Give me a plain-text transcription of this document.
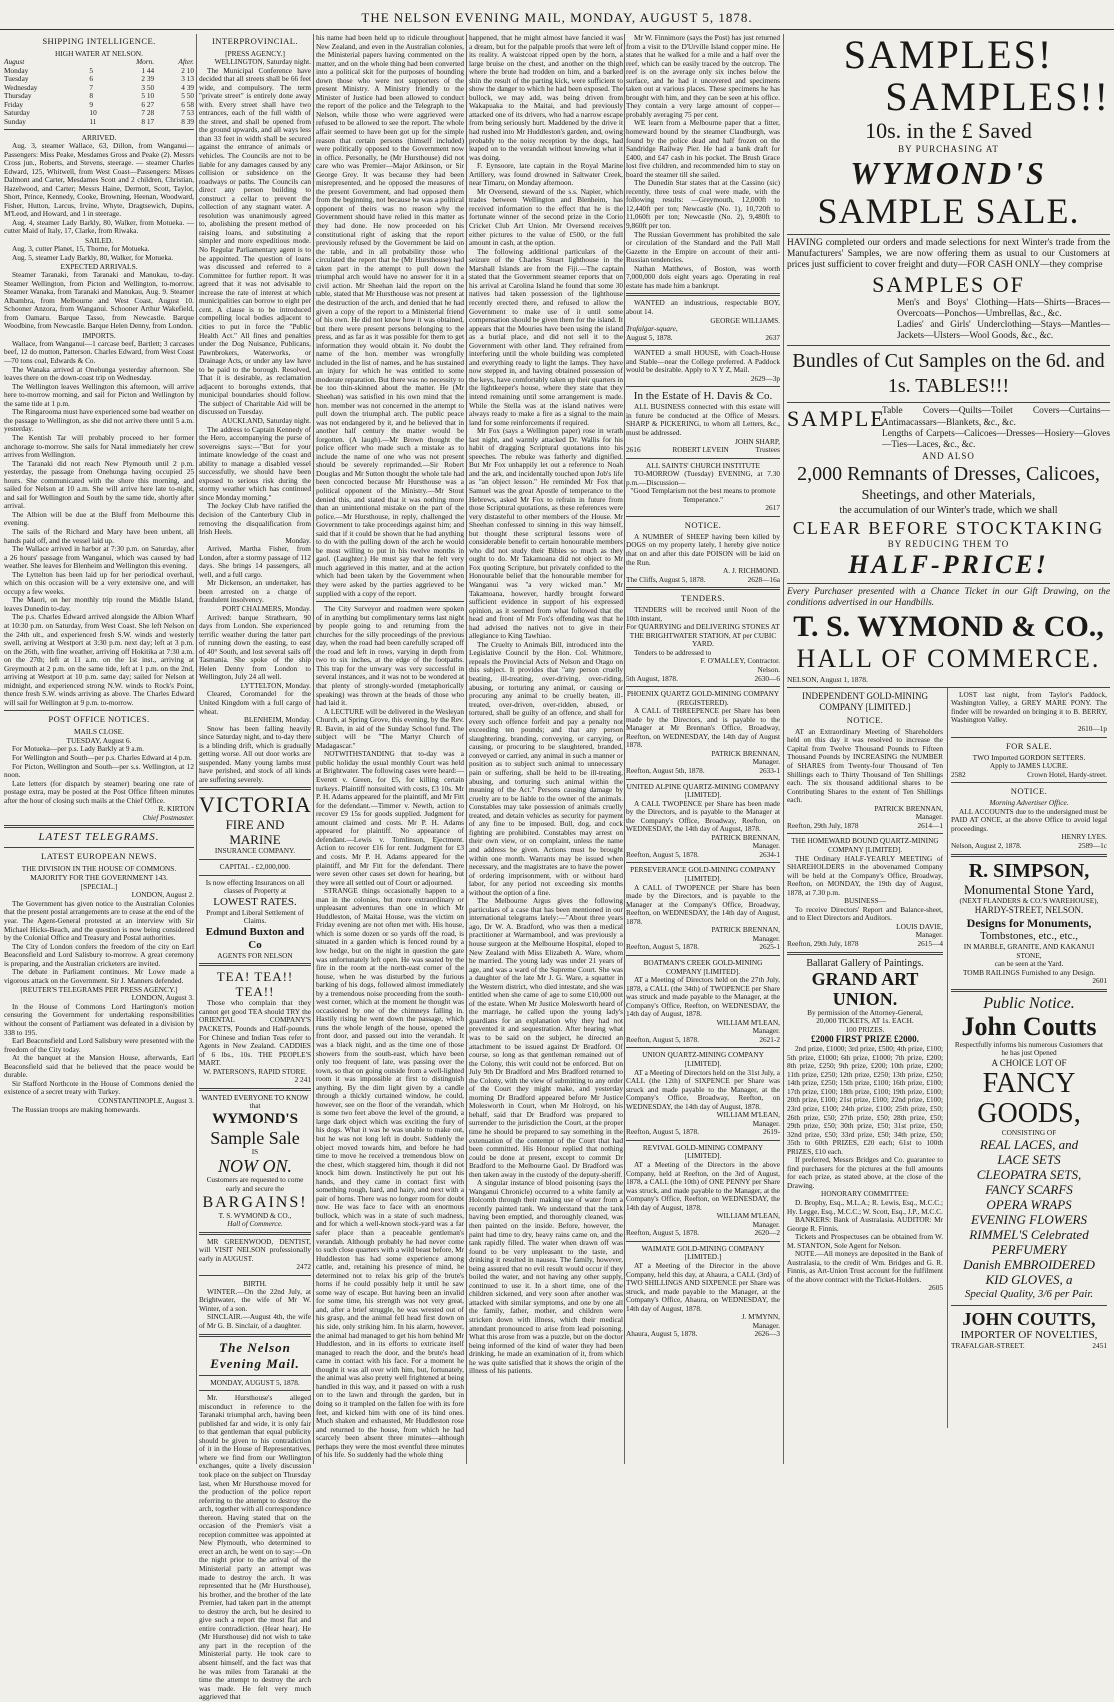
THE NELSON EVENING MAIL, MONDAY, AUGUST 5, 1878.
SHIPPING INTELLIGENCE.
HIGH WATER AT NELSON.
August		Morn.	After.
Monday	5	1 44	2 10
Tuesday	6	2 39	3 13
Wednesday	7	3 50	4 39
Thursday	8	5 10	5 50
Friday	9	6 27	6 58
Saturday	10	7 28	7 53
Sunday	11	8 17	8 39
ARRIVED.
Aug. 3, steamer Wallace, 63, Dillon, from Wanganui—Passengers: Miss Peake, Mesdames Gross and Peake (2). Messrs Cross jun., Roberts, and Stevens, steerage. — steamer Charles Edward, 125, Whitwell, from West Coast—Passengers: Misses Dalmont and Carter, Mesdames Scott and 2 children, Christian, Hazelwood, and Carter; Messrs Haine, Dermott, Scott, Taylor, Short, Prince, Kennedy, Cooke, Browning, Heenan, Woodward, Fisher, Hutton, Larcus, Irvine, Whyte, Dragtsewich, Dupins, M'Leod, and Howard, and 1 in steerage.
Aug. 4, steamer Lady Barkly, 80, Walker, from Motueka. — cutter Maid of Italy, 17, Clarke, from Riwaka.
SAILED.
Aug. 3, cutter Planet, 15, Thorne, for Motueka.
Aug. 5, steamer Lady Barkly, 80, Walker, for Motueka.
EXPECTED ARRIVALS.
Steamer Taranaki, from Taranaki and Manukau, to-day. Steamer Wellington, from Picton and Wellington, to-morrow. Steamer Wanaka, from Taranaki and Manukau, Aug. 9. Steamer Albambra, from Melbourne and West Coast, August 10. Schooner Anzora, from Wanganui. Schooner Arthur Wakefield, from Oamaru. Barque Tasso, from Newcastle. Barque Woodbine, from Newcastle. Barque Helen Denny, from London.
IMPORTS.
Wallace, from Wanganui—1 carcase beef, Bartlett; 3 carcases beef, 12 do mutton, Patterson. Charles Edward, from West Coast—70 tons coal, Edwards & Co.
The Wanaka arrived at Onehunga yesterday afternoon. She leaves there on the down-coast trip on Wednesday.
The Wellington leaves Wellington this afternoon, will arrive here to-morrow morning, and sail for Picton and Wellington by the same tide at 1 p.m.
The Ringarooma must have experienced some bad weather on the passage to Wellington, as she did not arrive there until 5 a.m. yesterday.
The Kentish Tar will probably proceed to her former anchorage to-morrow. She sails for Natal immediately her crew arrives from Wellington.
The Taranaki did not reach New Plymouth until 2 p.m. yesterday, the passage from Onehunga having occupied 25 hours. She communicated with the shore this morning, and sailed for Nelson at 10 a.m. She will arrive here late to-night, and sail for Wellington and South by the same tide, shortly after arrival.
The Albion will be due at the Bluff from Melbourne this evening.
The sails of the Richard and Mary have been unbent, all hands paid off, and the vessel laid up.
The Wallace arrived in harbor at 7:30 p.m. on Saturday, after a 26 hours' passage from Wanganui, which was caused by bad weather. She leaves for Blenheim and Wellington this evening.
The Lyttelton has been laid up for her periodical overhaul, which on this occasion will be a very extensive one, and will occupy a few weeks.
The Maori, on her monthly trip round the Middle Island, leaves Dunedin to-day.
The p.s. Charles Edward arrived alongside the Albion Wharf at 10:30 p.m. on Saturday, from West Coast. She left Nelson on the 24th ult., and experienced fresh S.W. winds and westerly swell, arriving at Westport at 3:30 p.m. next day; left at 3 p.m. on the 26th, with fine weather, arriving off Hokitika at 7:30 a.m. on the 27th; left at 11 a.m. on the 1st inst., arriving at Greymouth at 2 p.m. on the same tide, left at 1 p.m. on the 2nd, arriving at Westport at 10 p.m. same day; sailed for Nelson at midnight, and experienced strong N.W. winds to Rock's Point, thence fresh S.W. winds arriving as above. The Charles Edward will sail for Wellington at 9 p.m. to-morrow.
POST OFFICE NOTICES.
MAILS CLOSE.
TUESDAY, August 6.
For Motueka—per p.s. Lady Barkly at 9 a.m.
For Wellington and South—per p.s. Charles Edward at 4 p.m.
For Picton, Wellington and South—per s.s. Wellington, at 12 noon.
Late letters (for dispatch by steamer) bearing one rate of postage extra, may be posted at the Post Office fifteen minutes after the hour of closing such mails at the Chief Office.
R. KIRTON
Chief Postmaster.
LATEST TELEGRAMS.
LATEST EUROPEAN NEWS.
THE DIVISION IN THE HOUSE OF COMMONS.
MAJORITY FOR THE GOVERNMENT 143.
[SPECIAL.]
LONDON, August 2.
The Government has given notice to the Australian Colonies that the present postal arrangements are to cease at the end of the year. The Agent-General protested at an interview with Sir Michael Hicks-Beach, and the question is now being considered by the Colonial Office and Treasury and Postal authorities.
The City of London confers the freedom of the city on Earl Beaconsfield and Lord Salisbury to-morrow. A great ceremony is preparing, and the Australian cricketers are invited.
The debate in Parliament continues. Mr Lowe made a vigorous attack on the Government. Sir J. Manners defended.
[REUTER'S TELEGRAMS PER PRESS AGENCY.]
LONDON, August 3.
In the House of Commons Lord Hartington's motion censuring the Government for undertaking responsibilities without the consent of Parliament was defeated in a division by 338 to 195.
Earl Beaconsfield and Lord Salisbury were presented with the freedom of the City today.
At the banquet at the Mansion House, afterwards, Earl Beaconsfield said that he believed that the peace would be durable.
Sir Stafford Northcote in the House of Commons denied the existence of a secret treaty with Turkey.
CONSTANTINOPLE, August 3.
The Russian troops are making homewards.
INTERPROVINCIAL.
[PRESS AGENCY.]
WELLINGTON, Saturday night.
The Municipal Conference have decided that all streets shall be 66 feet wide, and compulsory. The term "private street" is entirely done away with. Every street shall have two entrances, each of the full width of the street, and shall be opened from the ground upwards, and all ways less than 33 feet in width shall be secured against the entrance of animals or vehicles. The Councils are not to be liable for any damages caused by any collision or subsidence on the roadways or paths. The Councils can direct any person building to construct a cellar to prevent the collection of any stagnant water. A resolution was unanimously agreed to, abolishing the present method of raising loans, and substituting a simpler and more expeditious mode. No Regular Parliamentary agent is to be appointed. The question of loans was discussed and referred to a Committee for further report. It was agreed that it was not advisable to increase the rate of interest at which municipalities can borrow to eight per cent. A clause is to be introduced compelling local bodies adjacent to cities to put in force the "Public Health Act." All fines and penalties under the Dog Nuisance, Publicans, Pawnbrokers, Waterworks, or Drainage Acts, or under any law have to be paid to the borough. Resolved, That it is desirable, as reclamation adjacent to boroughs extends, that municipal boundaries should follow. The subject of Charitable Aid will be discussed on Tuesday.
AUCKLAND, Saturday night.
The address to Captain Kennedy of the Hero, accompanying the purse of sovereigns says:—"But for your intimate knowledge of the coast and ability to manage a disabled vessel successfully, we should have been exposed to serious risk during the stormy weather which has continued since Monday morning."
The Jockey Club have ratified the decision of the Canterbury Club in removing the disqualification from Irish Heels.
Monday.
Arrived, Martha Fisher, from London, after a stormy passage of 112 days. She brings 14 passengers, all well, and a full cargo.
Mr Dickenson, an undertaker, has been arrested on a charge of fraudulent insolvency.
PORT CHALMERS, Monday.
Arrived: barque Strathearn, 90 days from London. She experienced terrific weather during the latter part of running down the easting, to east of 40° South, and lost several sails off Tasmania. She spoke of the ship Helen Denny from London to Wellington, July 24 all well.
LYTTELTON, Monday.
Cleared, Coromandel for the United Kingdom with a full cargo of wheat.
BLENHEIM, Monday.
Snow has been falling heavily since Saturday night, and to-day there is a blinding drift, which is gradually getting worse. All out door works are suspended. Many young lambs must have perished, and stock of all kinds are suffering severely.
VICTORIA
FIRE AND MARINE
INSURANCE COMPANY.
CAPITAL - £2,000,000.
Is now effecting Insurances on all classes of Property at
LOWEST RATES.
Prompt and Liberal Settlement of Claims.
Edmund Buxton and Co
AGENTS FOR NELSON
TEA! TEA!! TEA!!
Those who complain that they cannot get good TEA should TRY the ORIENTAL COMPANY'S PACKETS, Pounds and Half-pounds. For Chinese and Indian Teas refer to Agents in New Zealand. CADDIES of 6 lbs., 10s. THE PEOPLE'S MART.
W. PATERSON'S, RAPID STORE.
2 241
WANTED EVERYONE TO KNOW that
WYMOND'S
Sample Sale
IS
NOW ON.
Customers are requested to come early and secure the
BARGAINS!
T. S. WYMOND & CO.,
Hall of Commerce.
MR GREENWOOD, DENTIST, will VISIT NELSON professionally early in AUGUST.
2472
BIRTH.
WINTER.—On the 22nd July, at Brightwater, the wife of Mr W. Winter, of a son.
SINCLAIR.—August 4th, the wife of Mr G. B. Sinclair, of a daughter.
The Nelson Evening Mail.
MONDAY, AUGUST 5, 1878.
Mr. Hursthouse's alleged misconduct in reference to the Taranaki triumphal arch, having been published far and wide, it is only fair to that gentleman that equal publicity should be given to his contradiction of it in the House of Representatives, where we find from our Wellington exchanges, quite a lively discussion took place on the subject on Thursday last, when Mr Hursthouse moved for the production of the police report referring to the attempt to destroy the arch, together with all correspondence thereon. Having stated that on the occasion of the Premier's visit a reception committee was appointed at New Plymouth, who determined to erect an arch, he went on to say:—On the night prior to the arrival of the Ministerial party an attempt was made to destroy the arch. It was represented that he (Mr Hursthouse), his brother, and the brother of the late Premier, had taken part in the attempt to destroy the arch, but he desired to give such a report the most flat and entire contradiction. (Hear hear). He (Mr Hursthouse) did not wish to take any part in the reception of the Ministerial party. He took care to absent himself, and the fact was that he was miles from Taranaki at the time the attempt to destroy the arch was made. He felt very much aggrieved that
his name had been held up to ridicule throughout New Zealand, and even in the Australian colonies, the Ministerial papers having commented on the matter, and on the whole thing had been converted into a political skit for the purposes of hounding down those who were not supporters of the present Ministry. A Ministry friendly to the Minister of Justice had been allowed to conduct the report of the police and the Telegraph to the Nelson, while those who were aggrieved were refused to be allowed to see the report. The whole affair seemed to have been got up for the simple reason that certain persons (himself included) were politically opposed to the Government now in office. Personally, he (Mr Hursthouse) did not care who was Premier—Major Atkinson, or Sir George Grey. It was because they had been misrepresented, and he opposed the measures of the present Government, and had opposed them from the beginning, not because he was a political opponent of theirs was no reason why the Government should have relied in this matter as they had done. He now proceeded on his constitutional right of asking that the report previously refused by the Government be laid on the table, and in all probability those who circulated the report that he (Mr Hursthouse) had taken part in the attempt to pull down the triumphal arch would have no answer for it in a civil action. Mr Sheehan laid the report on the table, stated that Mr Hursthouse was not present at the destruction of the arch, and denied that he had given a copy of the report to a Ministerial friend of his own. He did not know how it was obtained, but there were present persons belonging to the press, and as far as it was possible for them to get information they would obtain it. No doubt the name of the hon. member was wrongfully included in the list of names, and he has sustained an injury for which he was entitled to some moderate reparation. But there was no necessity to be too thin-skinned about the matter. He (Mr Sheehan) was satisfied in his own mind that the hon. member was not concerned in the attempt to pull down the triumphal arch. The public peace was not endangered by it, and he believed that in another half century the matter would be forgotten. (A laugh).—Mr Brown thought the police officer who made such a mistake as to include the name of one who was not present should be severely reprimanded.—Sir Robert Douglas and Mr Sutton thought the whole tale had been concocted because Mr Hursthouse was a political opponent of the Ministry.—Mr Stout denied this, and stated that it was nothing more than an unintentional mistake on the part of the police.—Mr Hursthouse, in reply, challenged the Government to take proceedings against him; and said that if it could be shown that he had anything to do with the pulling down of the arch he would be most willing to put in his twelve months in gaol. (Laughter.) He must say that he felt very much aggrieved in this matter, and at the action which had been taken by the Government when they were asked by the parties aggrieved to be supplied with a copy of the report.
The City Surveyor and roadmen were spoken of in anything but complimentary terms last night by people going to and returning from the churches for the silly proceedings of the previous day, when the road had been carefully scraped off the road and left in rows, varying in depth from two to six inches, at the edge of the footpaths. This trap for the unwary was very successful in several instances, and it was not to be wondered at that plenty of strongly-worded (metaphorically speaking) was thrown at the heads of those who had laid it.
A LECTURE will be delivered in the Wesleyan Church, at Spring Grove, this evening, by the Rev. R. Bavin, in aid of the Sunday School fund. The subject will be "The Martyr Church of Madagascar."
NOTWITHSTANDING that to-day was a public holiday the usual monthly Court was held at Brightwater. The following cases were heard:—Everett v. Green, for £5, for killing certain turkeys. Plaintiff nonsuited with costs, £3 10s. Mr P. H. Adams appeared for the plaintiff, and Mr Fitt for the defendant.—Timmer v. Newth, action to recover £9 15s for goods supplied. Judgment for amount claimed and costs. Mr P. H. Adams appeared for plaintiff. No appearance of defendant.—Lewis v. Tomlinson, Ejectment. Action to recover £16 for rent. Judgment for £3 and costs. Mr P. H. Adams appeared for the plaintiff, and Mr Fitt for the defendant. There were seven other cases set down for hearing, but they were all settled out of Court or adjourned.
STRANGE things occasionally happen to a man in the colonies, but more extraordinary or unpleasant adventures than one in which Mr Huddleston, of Maitai House, was the victim on Friday evening are not often met with. His house, which is some dozen or so yards off the road, is situated in a garden which is fenced round by a low hedge, but on the night in question the gate was unfortunately left open. He was seated by the fire in the room at the north-east corner of the house, when he was disturbed by the furious barking of his dogs, followed almost immediately by a tremendous noise proceeding from the south-west corner, which at the moment he thought was occasioned by one of the chimneys falling in. Hastily rising he went down the passage, which runs the whole length of the house, opened the front door, and passed out into the verandah. It was a black night, and as the time one of those showers from the south-east, which have been only too frequent of late, was passing over the town, so that on going outside from a well-lighted room it was impossible at first to distinguish anything. By the dim light given by a candle through a thickly curtained window, he could, however, see on the floor of the verandah, which is some two feet above the level of the ground, a large dark object which was exciting the fury of his dogs. What it was he was unable to make out, but he was not long left in doubt. Suddenly the object moved towards him, and before he had time to move he received a tremendous blow on the chest, which staggered him, though it did not knock him down. Instinctively he put out his hands, and they came in contact first with something rough, hard, and hairy, and next with a pair of horns. There was no longer room for doubt now. He was face to face with an enormous bullock, which was in a state of such madness, and for which a well-known stock-yard was a far safer place than a peaceable gentleman's verandah. Although probably he had never come to such close quarters with a wild beast before, Mr Huddleston has had some experience among cattle, and, retaining his presence of mind, he determined not to relax his grip of the brute's horns if he could possibly help it until he saw some way of escape. But having been an invalid for some time, his strength was not very great, and, after a brief struggle, he was wrested out of his grasp, and the animal fell head first down on his side, only striking him. In his alarm, however, the animal had managed to get his horn behind Mr Huddleston, and in its efforts to extricate itself managed to reach the door, and the brute's head came in contact with his face. For a moment he thought it was all over with him, but, fortunately, the animal was also pretty well frightened at being handled in this way, and it passed on with a rush on to the lawn and through the garden, but in doing so it trampled on the fallen foe with its fore feet, and kicked him with one of its hind ones. Much shaken and exhausted, Mr Huddleston rose and returned to the house, from which he had scarcely been absent three minutes—although perhaps they were the most eventful three minutes of his life. So suddenly had the whole thing
happened, that he might almost have fancied it was a dream, but for the palpable proofs that were left of its reality. A waistcoat ripped open by the horn, a large bruise on the chest, and another on the thigh where the brute had trodden on him, and a barked shin the result of the parting kick, were sufficient to show the danger to which he had been exposed. The bullock, we may add, was being driven from Wakapuaka to the Maitai, and had previously attacked one of its drivers, who had a narrow escape from being seriously hurt. Maddened by the drive it had rushed into Mr Huddleston's garden, and, owing probably to the noisy reception by the dogs, had leaped on to the verandah without knowing what it was doing.
F. Eynsoore, late captain in the Royal Marine Artillery, was found drowned in Saltwater Creek, near Timaru, on Monday afternoon.
Mr Oversend, steward of the s.s. Napier, which trades between Wellington and Blenheim, has received information to the effect that he is the fortunate winner of the second prize in the Corio Cricket Club Art Union. Mr Oversend receives either pictures to the value of £500, or the full amount in cash, at the option.
The following additional particulars of the seizure of the Charles Stuart lighthouse in the Marshall Islands are from the Fiji.—The captain stated that the Government steamer reports that on his arrival at Carolina Island he found that some 30 natives had taken possession of the lighthouse recently erected there, and refused to allow the Government to make use of it until some compensation should be given them for the island. It appears that the Mouries have been using the island as a burial place, and did not sell it to the Government with other land. They refrained from interfering until the whole building was completed and everything ready to light the lamps. They have now stepped in, and having obtained possession of the keys, have comfortably taken up their quarters in the lightkeeper's house, where they state that they intend remaining until some arrangement is made. While the Stella was at the island natives were always ready to make a fire as a signal to the main land for some reinforcements if required.
Mr Fox (says a Wellington paper) rose in wrath last night, and warmly attacked Dr. Wallis for his habit of dragging Scriptural quotations into his speeches. The rebuke was fatherly and dignified. But Mr Fox unhappily let out a reference to Noah and the ark, and incidentally touched upon Job's life as "an object lesson." He reminded Mr Fox that Samuel was the great Apostle of temperance to the Hebrews, asked Mr Fox to refrain in future from those Scriptural quotations, as these references were very distasteful to other members of the House. Mr Sheehan confessed to sinning in this way himself, but thought these scriptural lessons were of considerable benefit to certain honourable members who did not study their Bibles so much as they ought to do. Mr Takamoana did not object to Mr Fox quoting Scripture, but privately confided to the Honourable belief that the honourable member for Wanganui was "a very wicked man." Mr Takamoana, however, hardly brought forward sufficient evidence in support of his expressed opinion, as it seemed from what followed that the head and front of Mr Fox's offending was that he had advised the natives not to give in their allegiance to King Tawhiao.
The Cruelty to Animals Bill, introduced into the Legislative Council by the Hon. Col. Whitmore, repeals the Provincial Acts of Nelson and Otago on this subject. It provides that "any person cruelly beating, ill-treating, over-driving, over-riding, abusing, or torturing any animal, or causing or procuring any animal to be cruelly beaten, ill-treated, over-driven, over-ridden, abused, or tortured, shall be guilty of an offence, and shall for every such offence forfeit and pay a penalty not exceeding ten pounds; and that any person slaughtering, branding, conveying, or carrying, or causing, or procuring to be slaughtered, branded, conveyed or carried, any animal in such a manner or position as to subject such animal to unnecessary pain or suffering, shall be held to be ill-treating, abusing, and torturing such animal within the meaning of the Act." Persons causing damage by cruelty are to be liable to the owner of the animals. Constables may take possession of animals cruelly treated, and detain vehicles as security for payment of any fine to be imposed. Bull, dog, and cock fighting are prohibited. Constables may arrest on their own view, or on complaint, unless the name and address be given. Actions must be brought within one month. Warrants may be issued when necessary, and the magistrates are to have the power of ordering imprisonment, with or without hard labor, for any period not exceeding six months without the option of a fine.
The Melbourne Argus gives the following particulars of a case that has been mentioned in our international telegrams lately:—"About three years ago, Dr W. A. Bradford, who was then a medical practitioner at Warrnambool, and was previously a house surgeon at the Melbourne Hospital, eloped to New Zealand with Miss Elizabeth A. Ware, whom he married. The young lady was under 21 years of age, and was a ward of the Supreme Court. She was a daughter of the late Mr J. G. Ware, a squatter in the Western district, who died intestate, and she was entitled when she came of age to some £10,000 out of the estate. When Mr Justice Molesworth heard of the marriage, he called upon the young lady's guardians for an explanation why they had not prevented it and sequestration. After hearing what was to be said on the subject, he directed an attachment to be issued against Dr Bradford. Of course, so long as that gentleman remained out of the Colony, this writ could not be enforced. But on July 9th Dr Bradford and Mrs Bradford returned to the Colony, with the view of submitting to any order of the Court they might make, and yesterday morning Dr Bradford appeared before Mr Justice Molesworth in Court, when Mr Holroyd, on his behalf, said that Dr Bradford was prepared to surrender to the jurisdiction the Court, at the proper time he should be prepared to say something in the extenuation of the contempt of the Court that had been committed. His Honour replied that nothing could be done at present, except to commit Dr Bradford to the Melbourne Gaol. Dr Bradford was then taken away in the custody of the deputy-sheriff.
A singular instance of blood poisoning (says the Wanganui Chronicle) occurred to a white family at Holcomb through their making use of water from a recently painted tank. We understand that the tank having been emptied, and thoroughly cleaned, was then painted on the inside. Before, however, the paint had time to dry, heavy rains came on, and the tank rapidly filled. The water when drawn off was found to be very unpleasant to the taste, and drinking it resulted in nausea. The family, however, being assured that no evil result would occur if they boiled the water, and not having any other supply, continued to use it. In a short time, one of the children sickened, and very soon after another was attacked with similar symptoms, and one by one all the family, father, mother, and children were stricken down with illness, which their medical attendant pronounced to arise from lead poisoning. What this arose from was a puzzle, but on the doctor being informed of the kind of water they had been drinking, he made an examination of it, from which he was quite satisfied that it shows the origin of the illness of his patients.
Mr W. Finnimore (says the Post) has just returned from a visit to the D'Urville Island copper mine. He states that he walked for a mile and a half over the reef, which can be easily traced by the outcrop. The reef is on the average only six inches below the surface, and he had it uncovered and specimens taken out at various places. These specimens he has brought with him, and they can be seen at his office. They contain a very large amount of copper—probably averaging 75 per cent.
WE learn from a Melbourne paper that a fitter, homeward bound by the steamer Claudburgh, was found by the police dead and half frozen on the Sandridge Railway Pier. He had a bank draft for £400, and £47 cash in his pocket. The Brush Grace lost five children, and recommended him to stay on board the steamer till she sailed.
The Dunedin Star states that at the Cassino (sic) recently, three tests of coal were made, with the following results: —Greymouth, 12,000ft to 12,440ft per ton; Newcastle (No. 1), 10,720ft to 11,060ft per ton; Newcastle (No. 2), 9,480ft to 9,860ft per ton.
The Russian Government has prohibited the sale or circulation of the Standard and the Pall Mall Gazette in the Empire on account of their anti-Russian tendencies.
Nathan Matthews, of Boston, was worth 7,000,000 dols eight years ago. Operating in real estate has made him a bankrupt.
WANTED an industrious, respectable BOY, about 14.
GEORGE WILLIAMS.
Trafalgar-square,
August 5, 1878.	2637
WANTED a small HOUSE, with Coach-House and Stable—near the College preferred. A Paddock would be desirable. Apply to X Y Z, Mail.
2629—3p
In the Estate of H. Davis & Co.
ALL BUSINESS connected with this estate will in future be conducted at the Office of Messrs. SHARP & PICKERING, to whom all Letters, &c., must be addressed.
JOHN SHARP,
2616	ROBERT LEVEIN	Trustees
ALL SAINTS' CHURCH INSTITUTE
TO-MORROW (Tuesday) EVENING, at 7.30 p.m.—Discussion—
"Good Templarism not the best means to promote Temperance."
2617
NOTICE.
A NUMBER of SHEEP having been killed by DOGS on my property lately, I hereby give notice that on and after this date POISON will be laid on the Run.
A. J. RICHMOND.
The Cliffs, August 5, 1878.	2628—16a
TENDERS.
TENDERS will be received until Noon of the 10th instant,
For QUARRYING and DELIVERING STONES AT THE BRIGHTWATER STATION, AT per CUBIC YARD.
Tenders to be addressed to
F. O'MALLEY, Contractor.
Nelson.
5th August, 1878.	2630—6
PHOENIX QUARTZ GOLD-MINING COMPANY (REGISTERED).
A CALL of THREEPENCE per Share has been made by the Directors, and is payable to the Manager at Mr Brennan's Office, Broadway, Reefton, on WEDNESDAY, the 14th day of August 1878.
PATRICK BRENNAN,
Manager.
Reefton, August 5th, 1878.	2633-1
UNITED ALPINE QUARTZ-MINING COMPANY [LIMITED].
A CALL TWOPENCE per Share has been made by the Directors, and is payable to the Manager at the Company's Office, Broadway, Reefton, on WEDNESDAY, the 14th day of August, 1878.
PATRICK BRENNAN,
Manager.
Reefton, August 5, 1878.	2634-1
PERSEVERANCE GOLD-MINING COMPANY [LIMITED].
A CALL of TWOPENCE per Share has been made by the Directors, and is payable to the Manager at the Company's Office, Broadway, Reefton, on WEDNESDAY, the 14th day of August, 1878.
PATRICK BRENNAN,
Manager.
Reefton, August 5, 1878.	2625-1
BOATMAN'S CREEK GOLD-MINING COMPANY [LIMITED].
AT a Meeting of Directors held on the 27th July, 1878, a CALL (the 34th) of TWOPENCE per Share was struck and made payable to the Manager, at the Company's Office, Reefton, on WEDNESDAY, the 14th day of August, 1878.
WILLIAM M'LEAN,
Manager.
Reefton, August 5, 1878.	2621-2
UNION QUARTZ-MINING COMPANY [LIMITED].
AT a Meeting of Directors held on the 31st July, a CALL (the 12th) of SIXPENCE per Share was struck and made payable to the Manager, at the Company's Office, Broadway, Reefton, on WEDNESDAY, the 14th day of August, 1878.
WILLIAM M'LEAN,
Manager.
Reefton, August 5, 1878.	2619-
REVIVAL GOLD-MINING COMPANY [LIMITED].
AT a Meeting of the Directors in the above Company, held at Reefton, on the 3rd of August, 1878, a CALL (the 10th) of ONE PENNY per Share was struck, and made payable to the Manager, at the Company's Office, Reefton, on WEDNESDAY, the 14th day of August, 1878.
WILLIAM M'LEAN,
Manager.
Reefton, August 5, 1878.	2620—2
WAIMATE GOLD-MINING COMPANY [LIMITED.]
AT a Meeting of the Director in the above Company, held this day, at Ahaura, a CALL (3rd) of TWO SHILLINGS AND SIXPENCE per Share was struck, and made payable to the Manager, at the Company's Office, Ahaura, on WEDNESDAY, the 14th day of August, 1878.
J. M'MYNN,
Manager.
Ahaura, August 5, 1878.	2626—3
SAMPLES!
SAMPLES!!
10s. in the £ Saved
BY PURCHASING AT
WYMOND'S
SAMPLE SALE.
HAVING completed our orders and made selections for next Winter's trade from the Manufacturers' Samples, we are now offering them as usual to our Customers at prices just sufficient to cover freight and duty—FOR CASH ONLY—they comprise
SAMPLES OF
Men's and Boys' Clothing—Hats—Shirts—Braces—Overcoats—Ponchos—Umbrellas, &c., &c.
Ladies' and Girls' Underclothing—Stays—Mantles—Jackets—Ulsters—Wool Goods, &c., &c.
Bundles of Cut Samples on the 6d. and 1s. TABLES!!!
SAMPLE
Table Covers—Quilts—Toilet Covers—Curtains—Antimacassars—Blankets, &c., &c.
Lengths of Carpets—Calicoes—Dresses—Hosiery—Gloves—Ties—Laces, &c., &c.
AND ALSO
2,000 Remnants of Dresses, Calicoes,
Sheetings, and other Materials,
the accumulation of our Winter's trade, which we shall
CLEAR BEFORE STOCKTAKING
BY REDUCING THEM TO
HALF-PRICE!
Every Purchaser presented with a Chance Ticket in our Gift Drawing, on the conditions advertised in our Handbills.
T. S. WYMOND & CO.,
HALL OF COMMERCE.
NELSON, August 1, 1878.
INDEPENDENT GOLD-MINING COMPANY [LIMITED.]
NOTICE.
AT an Extraordinary Meeting of Shareholders held on this day it was resolved to increase the Capital from Twelve Thousand Pounds to Fifteen Thousand Pounds by INCREASING the NUMBER of SHARES from Twenty-four Thousand of Ten Shillings each to Thirty Thousand of Ten Shillings each. The six thousand additional shares to be Contributing Shares to the extent of Ten Shillings each.
PATRICK BRENNAN,
Manager.
Reefton, 29th July, 1878	2614—1
THE HOMEWARD BOUND QUARTZ-MINING COMPANY [LIMITED].
THE Ordinary HALF-YEARLY MEETING of SHAREHOLDERS in the abovenamed Company will be held at the Company's Office, Broadway, Reefton, on MONDAY, the 19th day of August, 1878, at 7.30 p.m.
BUSINESS—
To receive Directors' Report and Balance-sheet, and to Elect Directors and Auditors.
LOUIS DAVIE,
Manager.
Reefton, 29th July, 1878	2615—4
Ballarat Gallery of Paintings.
GRAND ART UNION.
By permission of the Attorney-General,
20,000 TICKETS, AT 1s. EACH.
100 PRIZES.
£2000 FIRST PRIZE £2000.
2nd prize, £1000; 3rd prize, £500; 4th prize, £100; 5th prize, £1000; 6th prize, £1000; 7th prize, £200; 8th prize, £250; 9th prize, £200; 10th prize, £200; 11th prize, £250; 12th prize, £250; 13th prize, £250; 14th prize, £250; 15th prize, £100; 16th prize, £100; 17th prize, £100; 18th prize, £100; 19th prize, £100; 20th prize, £100; 21st prize, £100; 22nd prize, £100; 23rd prize, £100; 24th prize, £100; 25th prize, £50; 26th prize, £50; 27th prize, £50; 28th prize, £50; 29th prize, £50; 30th prize, £50; 31st prize, £50; 32nd prize, £50; 33rd prize, £50; 34th prize, £50; 35th to 60th PRIZES, £20 each; 61st to 100th PRIZES, £10 each.
If preferred, Messrs Bridges and Co. guarantee to find purchasers for the pictures at the full amounts for each prize, as stated above, at the close of the Drawing.
HONORARY COMMITTEE:
D. Brophy, Esq., M.L.A.; R. Lewis, Esq., M.C.C.; Hy. Legge, Esq., M.C.C.; W. Scott, Esq., J.P., M.C.C.
BANKERS: Bank of Australasia. AUDITOR: Mr George R. Finnis.
Tickets and Prospectuses can be obtained from W. M. STANTON, Sole Agent for Nelson.
NOTE.—All moneys are deposited in the Bank of Australasia, to the credit of Wm. Bridges and G. R. Finnis, as Art-Union Trust account for the fulfilment of the above contract with the Ticket-Holders.
2605
LOST last night, from Taylor's Paddock, Washington Valley, a GREY MARE PONY. The finder will be rewarded on bringing it to B. BERRY, Washington Valley.
2610—1p
FOR SALE.
TWO Imported GORDON SETTERS.
Apply to JAMES LUCRE.
2582	Crown Hotel, Hardy-street.
NOTICE.
Morning Advertiser Office.
ALL ACCOUNTS due to the undersigned must be PAID AT ONCE, at the above Office to avoid legal proceedings.
HENRY LYES.
Nelson, August 2, 1878.	2589—1c
R. SIMPSON,
Monumental Stone Yard,
(NEXT FLANDERS & CO.'S WAREHOUSE),
HARDY-STREET, NELSON.
Designs for Monuments,
Tombstones, etc., etc.,
IN MARBLE, GRANITE, AND KAKANUI STONE,
can be seen at the Yard.
TOMB RAILINGS Furnished to any Design.
2601
Public Notice.
John Coutts
Respectfully informs his numerous Customers that he has just Opened
A CHOICE LOT OF
FANCY GOODS,
CONSISTING OF
REAL LACES, and
LACE SETS
CLEOPATRA SETS,
FANCY SCARFS
OPERA WRAPS
EVENING FLOWERS
RIMMEL'S Celebrated
PERFUMERY
Danish EMBROIDERED
KID GLOVES, a
Special Quality, 3/6 per Pair.
JOHN COUTTS,
IMPORTER OF NOVELTIES,
TRAFALGAR-STREET.	2451
